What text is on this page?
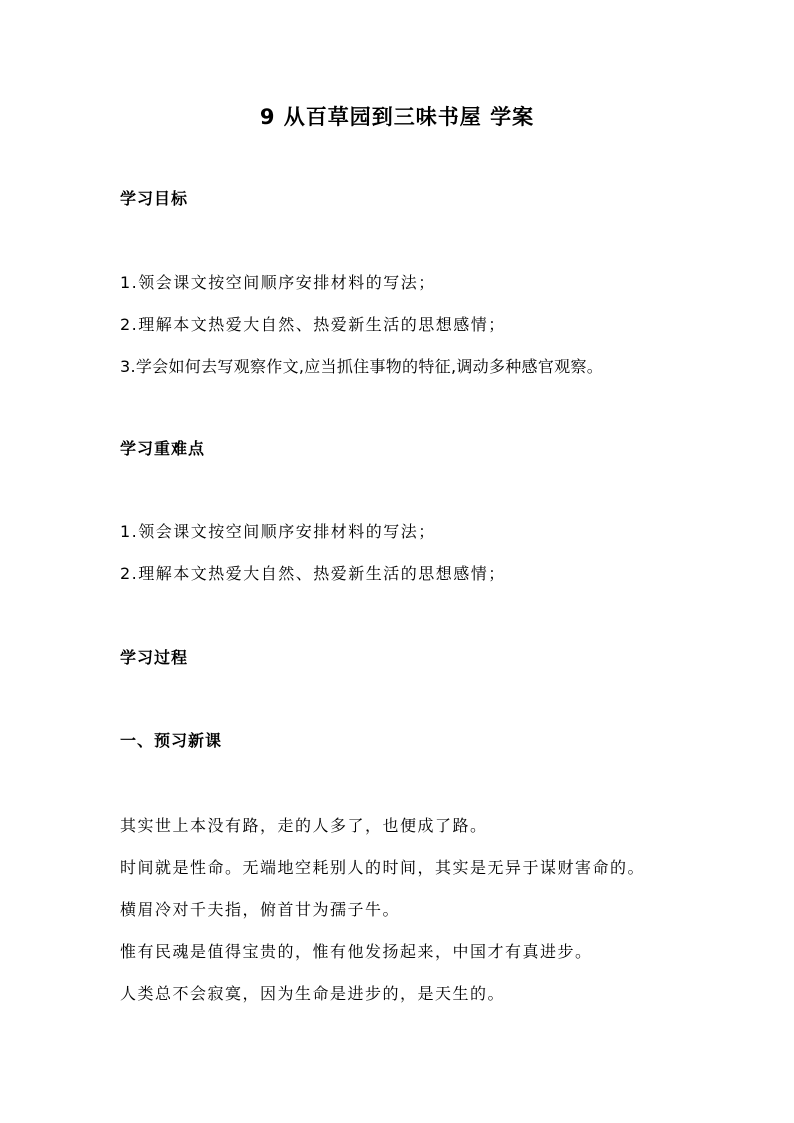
9 从百草园到三味书屋 学案
学习目标
1.领会课文按空间顺序安排材料的写法；
2.理解本文热爱大自然、热爱新生活的思想感情；
3.学会如何去写观察作文,应当抓住事物的特征,调动多种感官观察。
学习重难点
1.领会课文按空间顺序安排材料的写法；
2.理解本文热爱大自然、热爱新生活的思想感情；
学习过程
一、预习新课
其实世上本没有路，走的人多了，也便成了路。
时间就是性命。无端地空耗别人的时间，其实是无异于谋财害命的。
横眉冷对千夫指，俯首甘为孺子牛。
惟有民魂是值得宝贵的，惟有他发扬起来，中国才有真进步。
人类总不会寂寞，因为生命是进步的，是天生的。
